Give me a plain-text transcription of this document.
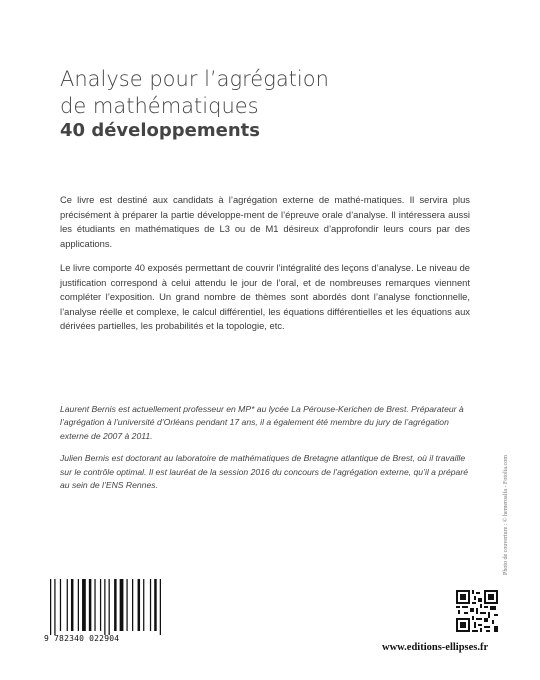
Analyse pour l’agrégation
de mathématiques
40 développements

Ce livre est destiné aux candidats à l’agrégation externe de mathé-matiques. Il servira plus précisément à préparer la partie développe-ment de l’épreuve orale d’analyse. Il intéressera aussi les étudiants en mathématiques de L3 ou de M1 désireux d’approfondir leurs cours par des applications.

Le livre comporte 40 exposés permettant de couvrir l’intégralité des leçons d’analyse. Le niveau de justification correspond à celui attendu le jour de l’oral, et de nombreuses remarques viennent compléter l’exposition. Un grand nombre de thèmes sont abordés dont l’analyse fonctionnelle, l’analyse réelle et complexe, le calcul différentiel, les équations différentielles et les équations aux dérivées partielles, les probabilités et la topologie, etc.

Laurent Bernis est actuellement professeur en MP* au lycée La Pérouse-Kerichen de Brest. Préparateur à l’agrégation à l’université d’Orléans pendant 17 ans, il a également été membre du jury de l’agrégation externe de 2007 à 2011.

Julien Bernis est doctorant au laboratoire de mathématiques de Bretagne atlantique de Brest, où il travaille sur le contrôle optimal. Il est lauréat de la session 2016 du concours de l’agrégation externe, qu’il a préparé au sein de l’ENS Rennes.	Photo de couverture : © hemeroalfa - Fotolia.com
9 782340 022904
www.editions-ellipses.fr
